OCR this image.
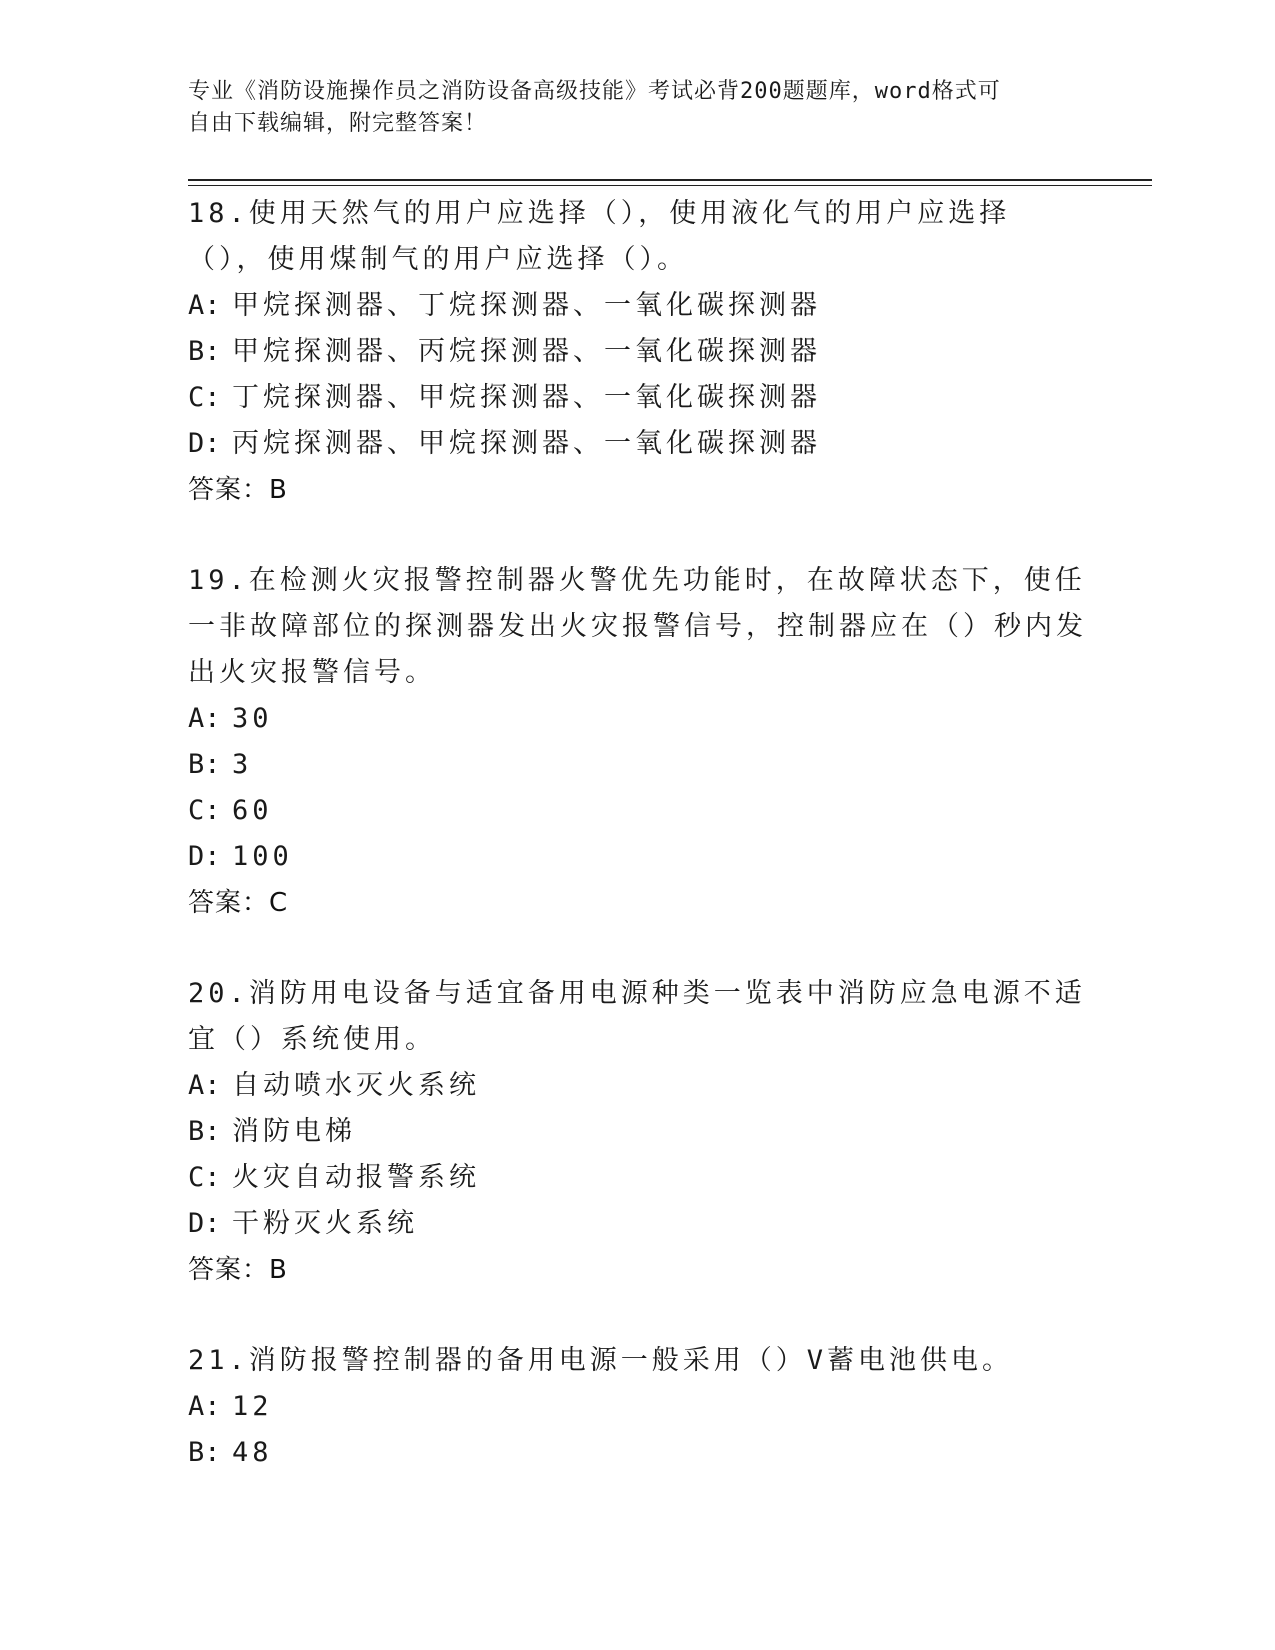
专业《消防设施操作员之消防设备高级技能》考试必背200题题库，word格式可
自由下载编辑，附完整答案！
18.使用天然气的用户应选择（），使用液化气的用户应选择（），使用煤制气的用户应选择（）。
A: 甲烷探测器、丁烷探测器、一氧化碳探测器
B: 甲烷探测器、丙烷探测器、一氧化碳探测器
C: 丁烷探测器、甲烷探测器、一氧化碳探测器
D: 丙烷探测器、甲烷探测器、一氧化碳探测器
答案：B
19.在检测火灾报警控制器火警优先功能时，在故障状态下，使任一非故障部位的探测器发出火灾报警信号，控制器应在（）秒内发出火灾报警信号。
A: 30
B: 3
C: 60
D: 100
答案：C
20.消防用电设备与适宜备用电源种类一览表中消防应急电源不适宜（）系统使用。
A: 自动喷水灭火系统
B: 消防电梯
C: 火灾自动报警系统
D: 干粉灭火系统
答案：B
21.消防报警控制器的备用电源一般采用（）V蓄电池供电。
A: 12
B: 48
